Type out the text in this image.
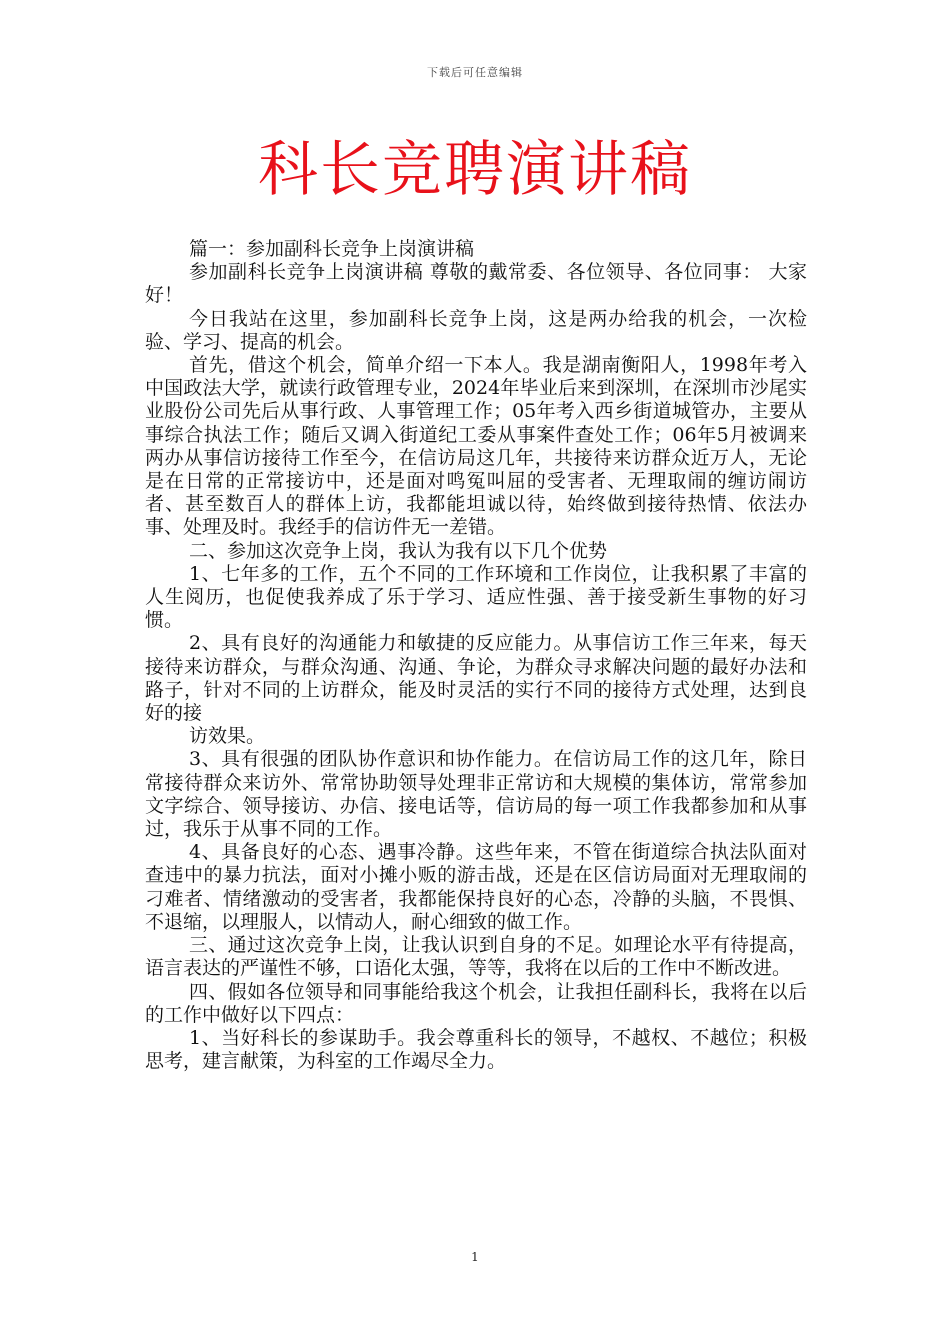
下载后可任意编辑
科长竞聘演讲稿

篇一：参加副科长竞争上岗演讲稿

参加副科长竞争上岗演讲稿 尊敬的戴常委、各位领导、各位同事： 大家好！

今日我站在这里，参加副科长竞争上岗，这是两办给我的机会，一次检验、学习、提高的机会。

首先，借这个机会，简单介绍一下本人。我是湖南衡阳人，1998年考入中国政法大学，就读行政管理专业，2024年毕业后来到深圳，在深圳市沙尾实业股份公司先后从事行政、人事管理工作；05年考入西乡街道城管办，主要从事综合执法工作；随后又调入街道纪工委从事案件查处工作；06年5月被调来两办从事信访接待工作至今，在信访局这几年，共接待来访群众近万人，无论是在日常的正常接访中，还是面对鸣冤叫屈的受害者、无理取闹的缠访闹访者、甚至数百人的群体上访，我都能坦诚以待，始终做到接待热情、依法办事、处理及时。我经手的信访件无一差错。

二、参加这次竞争上岗，我认为我有以下几个优势

1、七年多的工作，五个不同的工作环境和工作岗位，让我积累了丰富的人生阅历，也促使我养成了乐于学习、适应性强、善于接受新生事物的好习惯。

2、具有良好的沟通能力和敏捷的反应能力。从事信访工作三年来，每天接待来访群众，与群众沟通、沟通、争论，为群众寻求解决问题的最好办法和路子，针对不同的上访群众，能及时灵活的实行不同的接待方式处理，达到良好的接

访效果。

3、具有很强的团队协作意识和协作能力。在信访局工作的这几年，除日常接待群众来访外、常常协助领导处理非正常访和大规模的集体访，常常参加文字综合、领导接访、办信、接电话等，信访局的每一项工作我都参加和从事过，我乐于从事不同的工作。

4、具备良好的心态、遇事冷静。这些年来，不管在街道综合执法队面对查违中的暴力抗法，面对小摊小贩的游击战，还是在区信访局面对无理取闹的刁难者、情绪激动的受害者，我都能保持良好的心态，冷静的头脑，不畏惧、不退缩，以理服人，以情动人，耐心细致的做工作。

三、通过这次竞争上岗，让我认识到自身的不足。如理论水平有待提高，语言表达的严谨性不够，口语化太强，等等，我将在以后的工作中不断改进。

四、假如各位领导和同事能给我这个机会，让我担任副科长，我将在以后的工作中做好以下四点：

1、当好科长的参谋助手。我会尊重科长的领导，不越权、不越位；积极思考，建言献策，为科室的工作竭尽全力。

1
